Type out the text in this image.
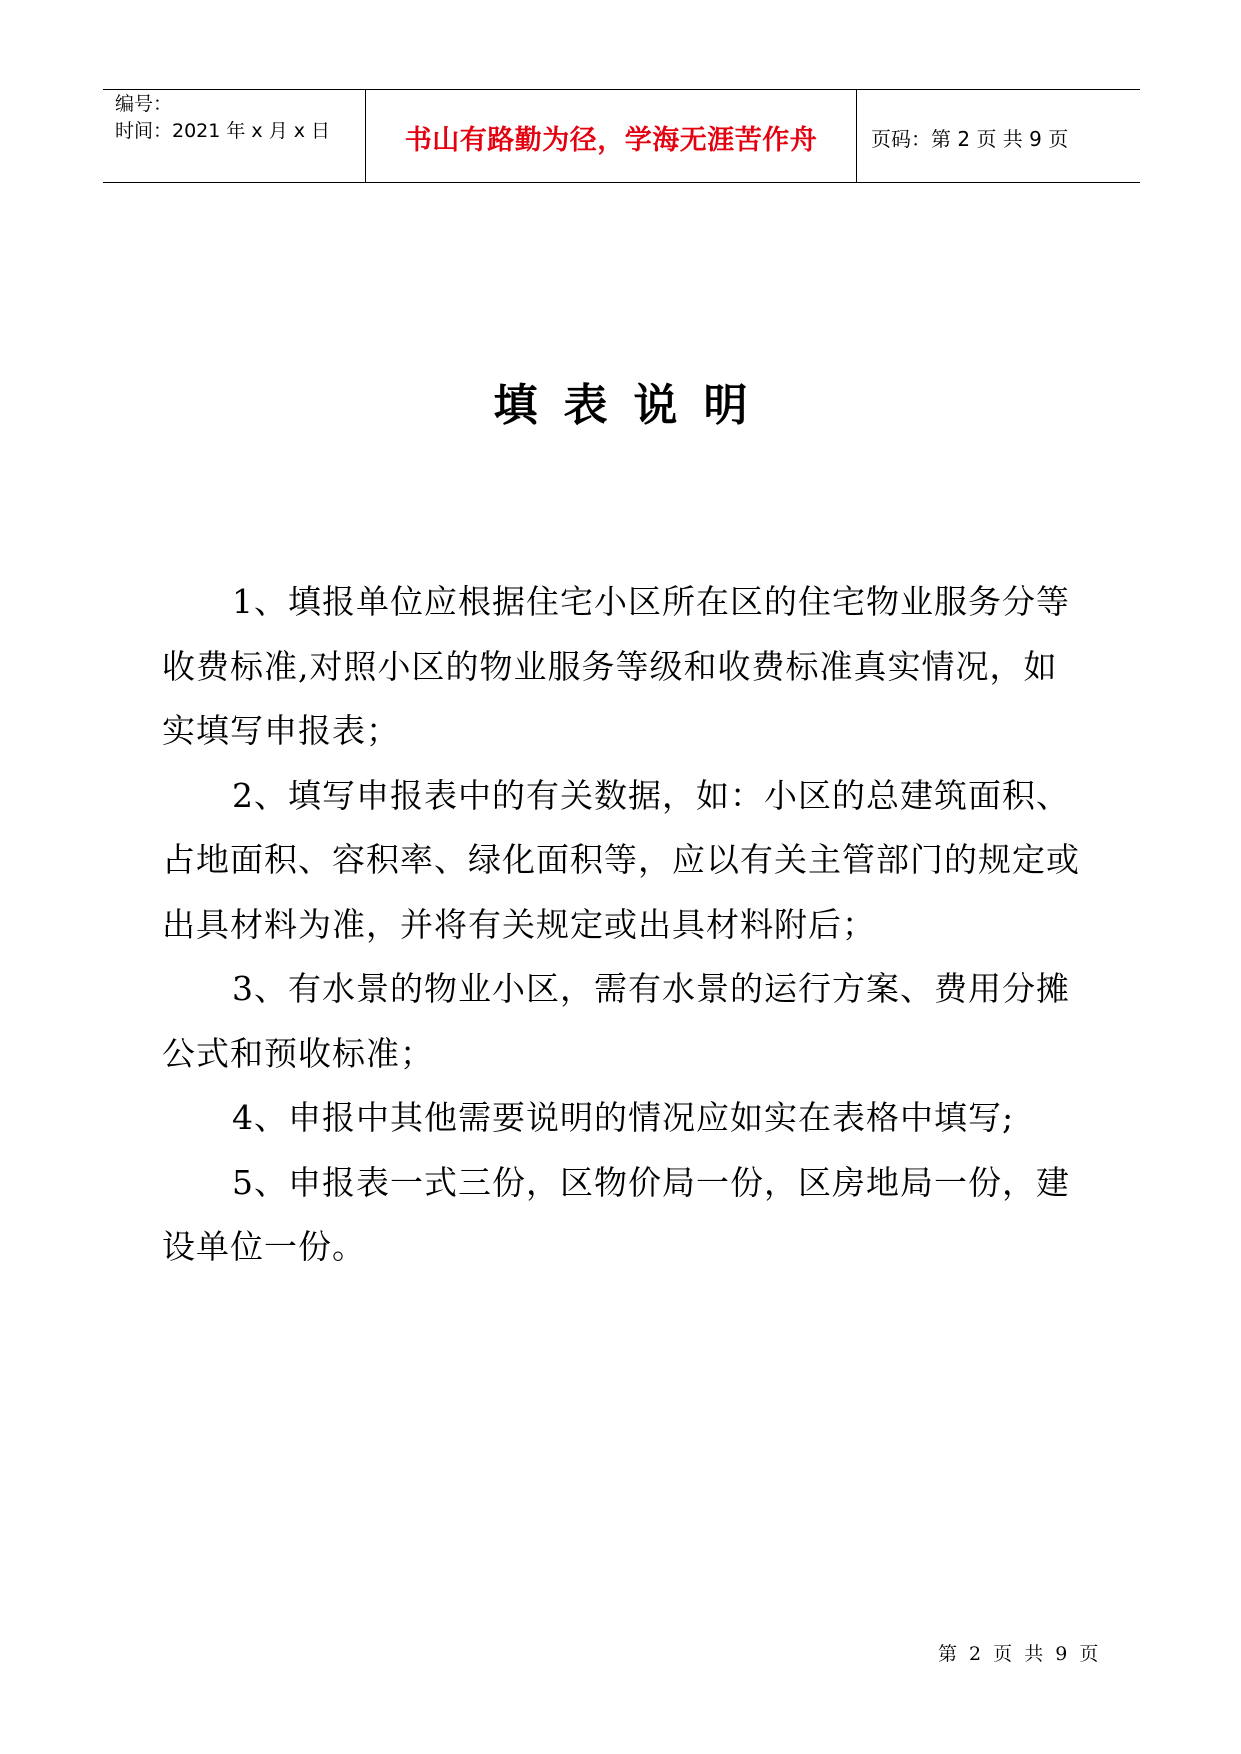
编号：
时间：2021 年 x 月 x 日	书山有路勤为径，学海无涯苦作舟	页码：第 2 页 共 9 页
填表说明

1、填报单位应根据住宅小区所在区的住宅物业服务分等收费标准,对照小区的物业服务等级和收费标准真实情况，如实填写申报表；

2、填写申报表中的有关数据，如：小区的总建筑面积、占地面积、容积率、绿化面积等，应以有关主管部门的规定或出具材料为准，并将有关规定或出具材料附后；

3、有水景的物业小区，需有水景的运行方案、费用分摊公式和预收标准；

4、申报中其他需要说明的情况应如实在表格中填写;

5、申报表一式三份，区物价局一份，区房地局一份，建设单位一份。

第 2 页 共 9 页
